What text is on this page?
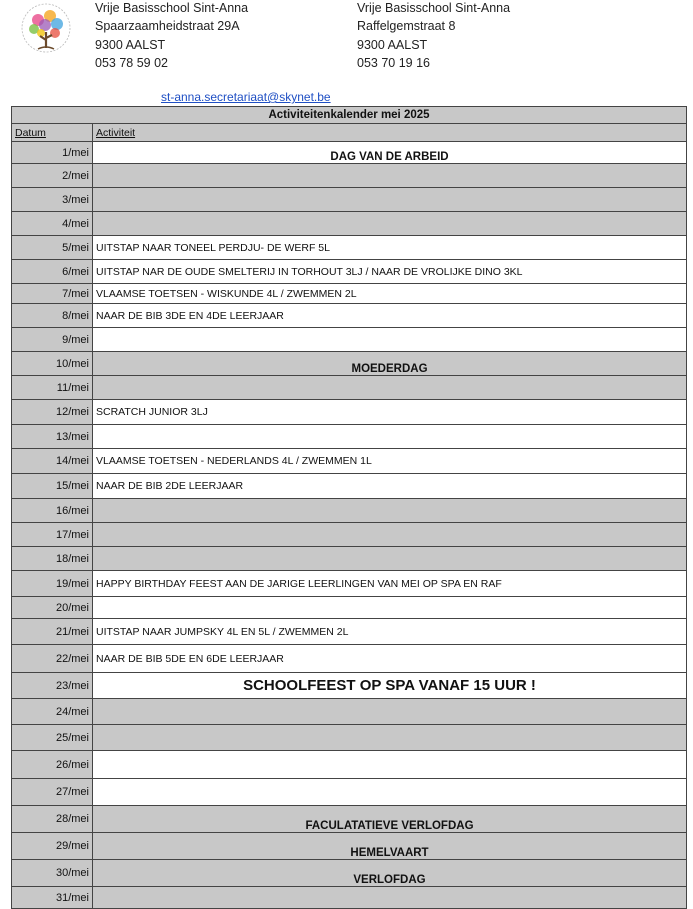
Vrije Basisschool Sint-Anna
Spaarzaamheidstraat 29A
9300 AALST
053 78 59 02
Vrije Basisschool Sint-Anna
Raffelgemstraat 8
9300 AALST
053 70 19 16
st-anna.secretariaat@skynet.be
Activiteitenkalender mei 2025	
Datum	Activiteit
1/mei	DAG VAN DE ARBEID
2/mei	
3/mei	
4/mei	
5/mei	UITSTAP NAAR TONEEL PERDJU- DE WERF 5L
6/mei	UITSTAP NAR DE OUDE SMELTERIJ IN TORHOUT 3LJ / NAAR DE VROLIJKE DINO 3KL
7/mei	VLAAMSE TOETSEN - WISKUNDE 4L / ZWEMMEN 2L
8/mei	NAAR DE BIB 3DE EN 4DE LEERJAAR
9/mei	
10/mei	MOEDERDAG
11/mei	
12/mei	SCRATCH JUNIOR 3LJ
13/mei	
14/mei	VLAAMSE TOETSEN - NEDERLANDS 4L / ZWEMMEN 1L
15/mei	NAAR DE BIB 2DE LEERJAAR
16/mei	
17/mei	
18/mei	
19/mei	HAPPY BIRTHDAY FEEST AAN DE JARIGE LEERLINGEN VAN MEI OP SPA EN RAF
20/mei	
21/mei	UITSTAP NAAR JUMPSKY 4L EN 5L / ZWEMMEN 2L
22/mei	NAAR DE BIB 5DE EN 6DE LEERJAAR
23/mei	SCHOOLFEEST OP SPA VANAF 15 UUR !
24/mei	
25/mei	
26/mei	
27/mei	
28/mei	FACULATATIEVE VERLOFDAG
29/mei	HEMELVAART
30/mei	VERLOFDAG
31/mei	
